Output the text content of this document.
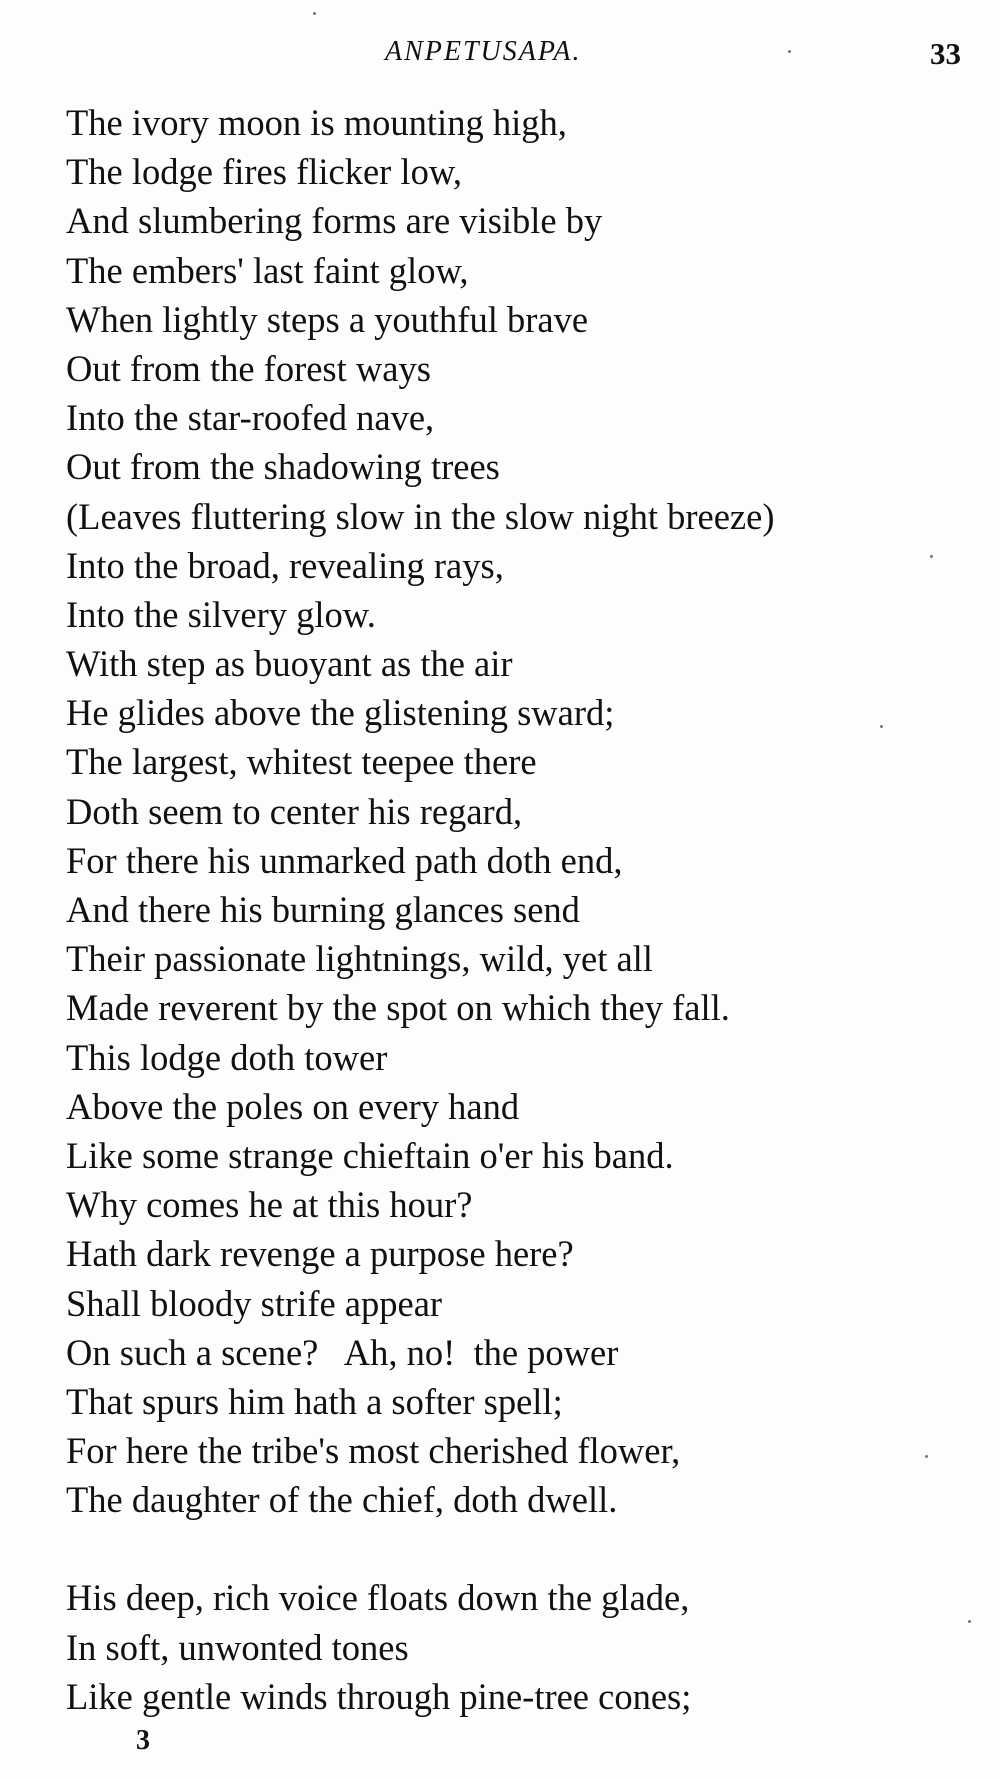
ANPETUSAPA.	33
The ivory moon is mounting high,
The lodge fires flicker low,
And slumbering forms are visible by
The embers' last faint glow,
When lightly steps a youthful brave
Out from the forest ways
Into the star-roofed nave,
Out from the shadowing trees
(Leaves fluttering slow in the slow night breeze)
Into the broad, revealing rays,
Into the silvery glow.
With step as buoyant as the air
He glides above the glistening sward;
The largest, whitest teepee there
Doth seem to center his regard,
For there his unmarked path doth end,
And there his burning glances send
Their passionate lightnings, wild, yet all
Made reverent by the spot on which they fall.
This lodge doth tower
Above the poles on every hand
Like some strange chieftain o'er his band.
Why comes he at this hour?
Hath dark revenge a purpose here?
Shall bloody strife appear
On such a scene?   Ah, no!  the power
That spurs him hath a softer spell;
For here the tribe's most cherished flower,
The daughter of the chief, doth dwell.
His deep, rich voice floats down the glade,
In soft, unwonted tones
Like gentle winds through pine-tree cones;
3
